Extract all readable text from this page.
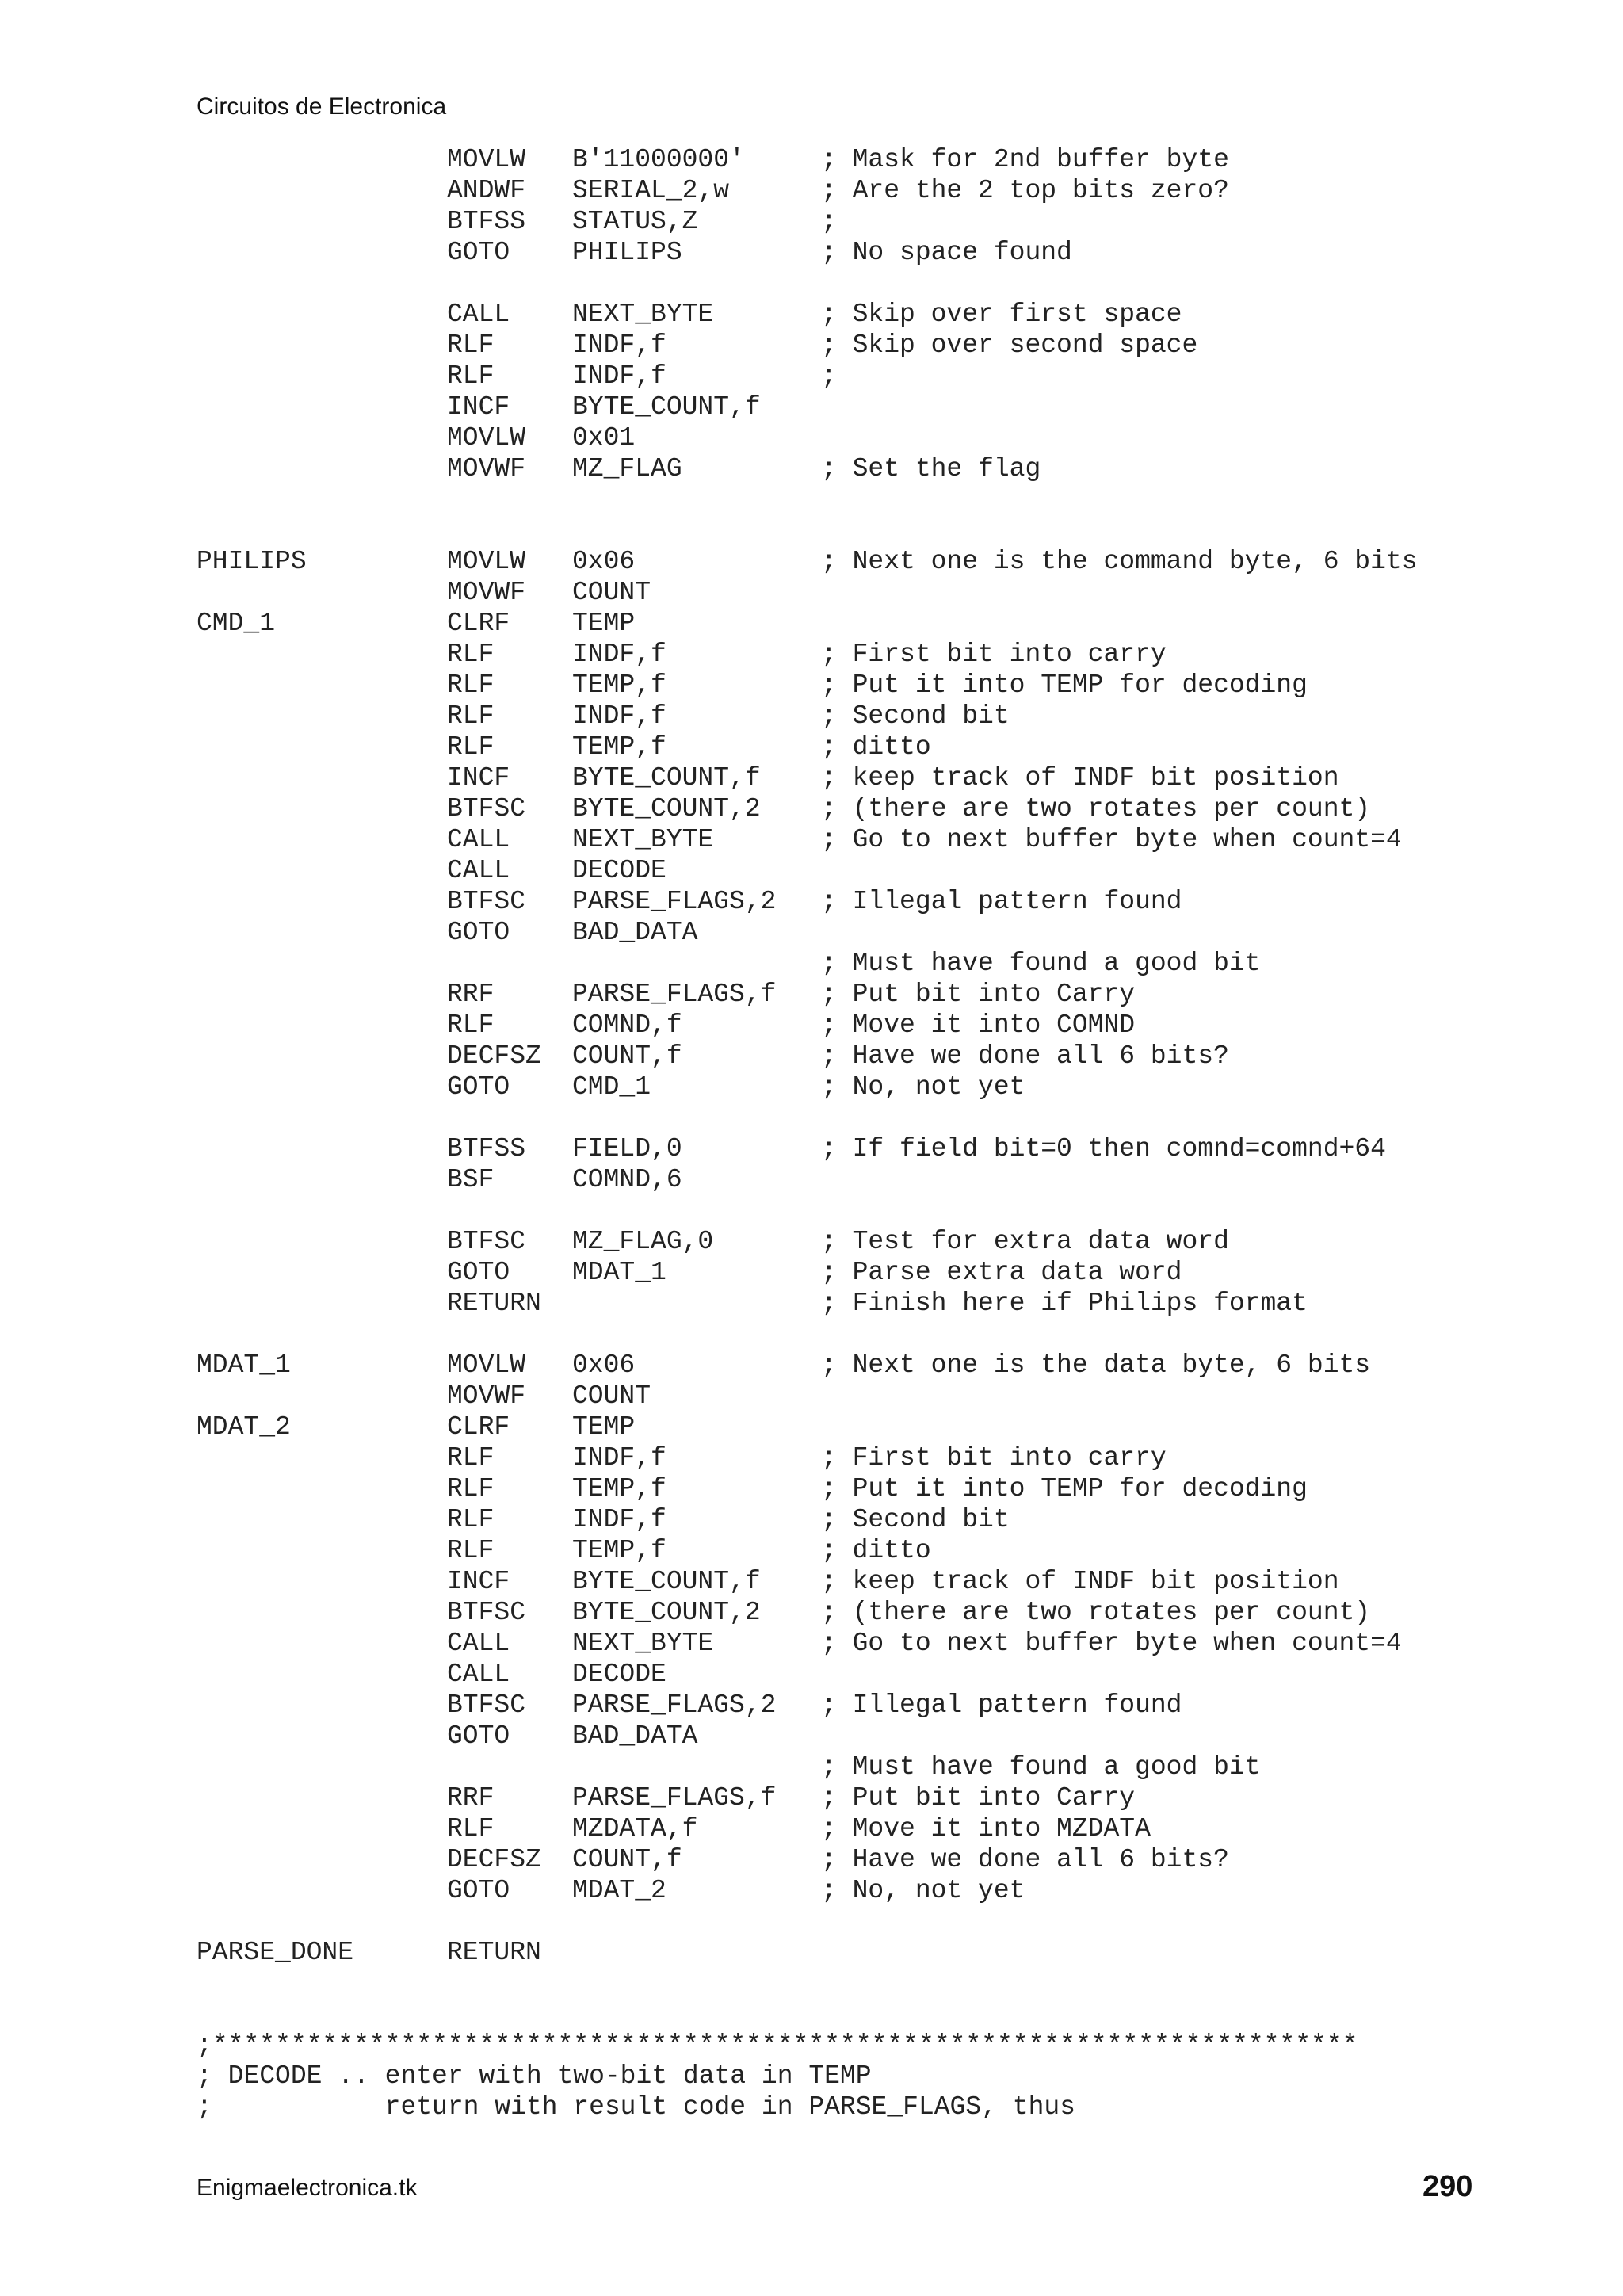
Circuitos de Electronica
MOVLW B'11000000'	; Mask for 2nd buffer byte
ANDWF SERIAL_2,w	; Are the 2 top bits zero?
BTFSS STATUS,Z	;
GOTO PHILIPS	; No space found
CALL NEXT_BYTE	; Skip over first space
RLF	INDF,f	; Skip over second space
RLF	INDF,f	;
INCF BYTE_COUNT,f
MOVLW 0x01
MOVWF MZ_FLAG	; Set the flag
PHILIPS	MOVLW 0x06	; Next one is the command byte, 6 bits
MOVWF COUNT
CMD_1	CLRF TEMP
RLF	INDF,f	; First bit into carry
RLF	TEMP,f	; Put it into TEMP for decoding
RLF	INDF,f	; Second bit
RLF	TEMP,f	; ditto
INCF BYTE_COUNT,f ; keep track of INDF bit position
BTFSC BYTE_COUNT,2 ; (there are two rotates per count)
CALL NEXT_BYTE	; Go to next buffer byte when count=4
CALL DECODE
BTFSC PARSE_FLAGS,2 ; Illegal pattern found
GOTO BAD_DATA
; Must have found a good bit
RRF	PARSE_FLAGS,f ; Put bit into Carry
RLF	COMND,f	; Move it into COMND
DECFSZ COUNT,f	; Have we done all 6 bits?
GOTO CMD_1	; No, not yet
BTFSS FIELD,0	; If field bit=0 then comnd=comnd+64
BSF	COMND,6
BTFSC MZ_FLAG,0	; Test for extra data word
GOTO MDAT_1	; Parse extra data word
RETURN	; Finish here if Philips format
MDAT_1	MOVLW 0x06	; Next one is the data byte, 6 bits
MOVWF COUNT
MDAT_2	CLRF TEMP
RLF	INDF,f	; First bit into carry
RLF	TEMP,f	; Put it into TEMP for decoding
RLF	INDF,f	; Second bit
RLF	TEMP,f	; ditto
INCF BYTE_COUNT,f ; keep track of INDF bit position
BTFSC BYTE_COUNT,2 ; (there are two rotates per count)
CALL NEXT_BYTE	; Go to next buffer byte when count=4
CALL DECODE
BTFSC PARSE_FLAGS,2 ; Illegal pattern found
GOTO BAD_DATA
; Must have found a good bit
RRF	PARSE_FLAGS,f ; Put bit into Carry
RLF	MZDATA,f	; Move it into MZDATA
DECFSZ COUNT,f	; Have we done all 6 bits?
GOTO MDAT_2	; No, not yet
PARSE_DONE	RETURN
;*************************************************************************
; DECODE .. enter with two-bit data in TEMP
;           return with result code in PARSE_FLAGS, thus
Enigmaelectronica.tk	290
